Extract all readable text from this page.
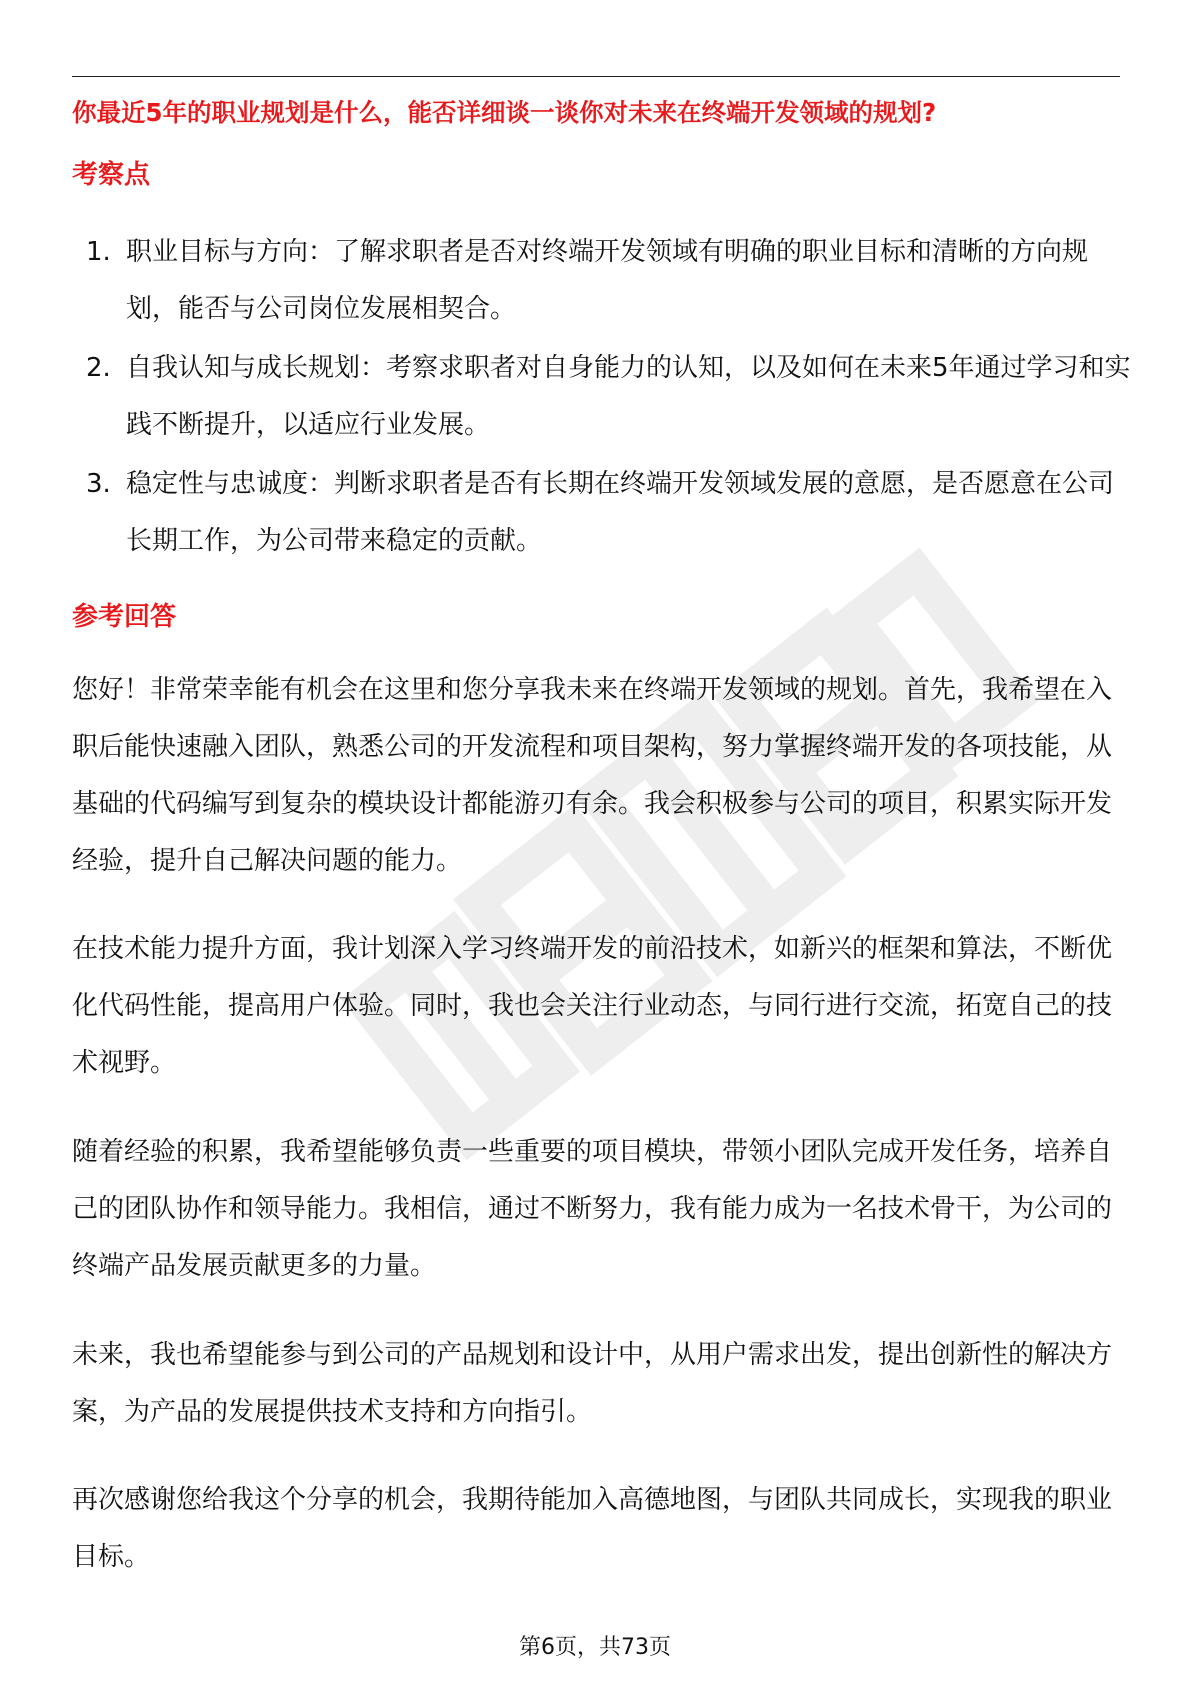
你最近5年的职业规划是什么，能否详细谈一谈你对未来在终端开发领域的规划?
考察点
1. 职业目标与方向：了解求职者是否对终端开发领域有明确的职业目标和清晰的方向规划，能否与公司岗位发展相契合。
2. 自我认知与成长规划：考察求职者对自身能力的认知，以及如何在未来5年通过学习和实践不断提升，以适应行业发展。
3. 稳定性与忠诚度：判断求职者是否有长期在终端开发领域发展的意愿，是否愿意在公司长期工作，为公司带来稳定的贡献。
参考回答

您好！非常荣幸能有机会在这里和您分享我未来在终端开发领域的规划。首先，我希望在入职后能快速融入团队，熟悉公司的开发流程和项目架构，努力掌握终端开发的各项技能，从基础的代码编写到复杂的模块设计都能游刃有余。我会积极参与公司的项目，积累实际开发经验，提升自己解决问题的能力。

在技术能力提升方面，我计划深入学习终端开发的前沿技术，如新兴的框架和算法，不断优化代码性能，提高用户体验。同时，我也会关注行业动态，与同行进行交流，拓宽自己的技术视野。

随着经验的积累，我希望能够负责一些重要的项目模块，带领小团队完成开发任务，培养自己的团队协作和领导能力。我相信，通过不断努力，我有能力成为一名技术骨干，为公司的终端产品发展贡献更多的力量。

未来，我也希望能参与到公司的产品规划和设计中，从用户需求出发，提出创新性的解决方案，为产品的发展提供技术支持和方向指引。

再次感谢您给我这个分享的机会，我期待能加入高德地图，与团队共同成长，实现我的职业目标。

第6页，共73页
